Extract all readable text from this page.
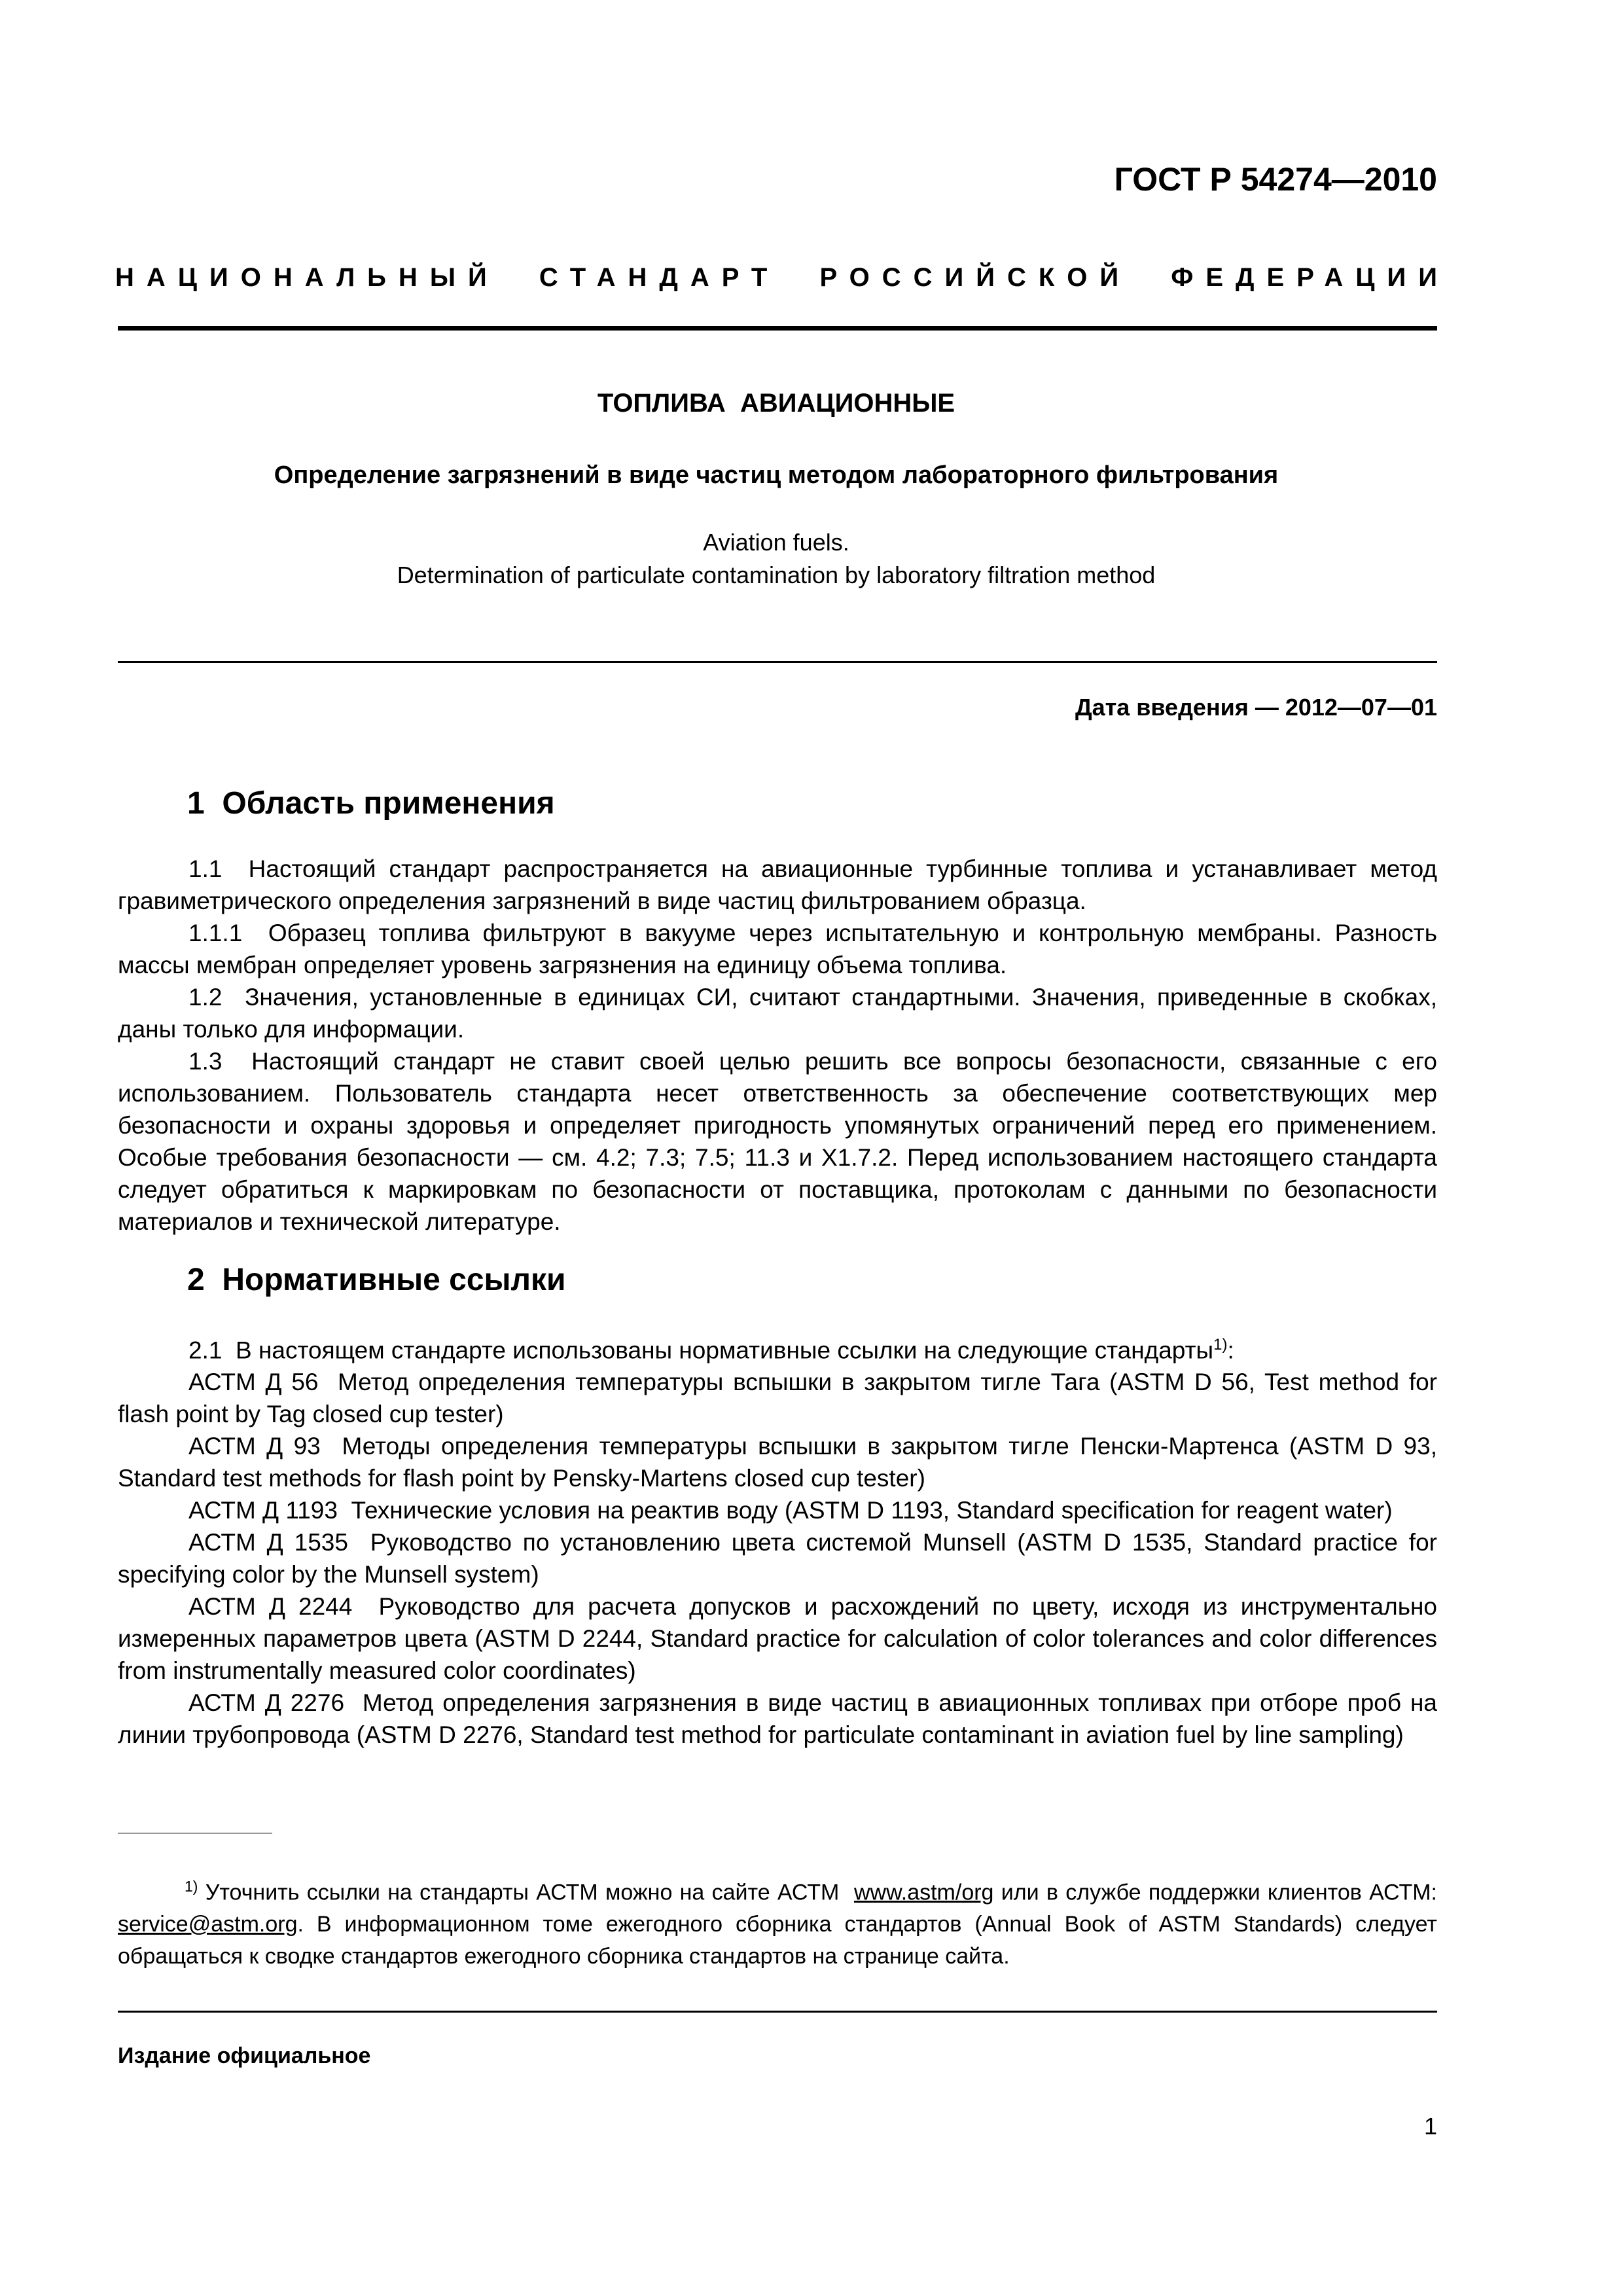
ГОСТ Р 54274—2010
НАЦИОНАЛЬНЫЙ СТАНДАРТ РОССИЙСКОЙ ФЕДЕРАЦИИ
ТОПЛИВА  АВИАЦИОННЫЕ
Определение загрязнений в виде частиц методом лабораторного фильтрования
Aviation fuels.
Determination of particulate contamination by laboratory filtration method
Дата введения — 2012—07—01
1  Область применения
1.1  Настоящий стандарт распространяется на авиационные турбинные топлива и устанавливает метод гравиметрического определения загрязнений в виде частиц фильтрованием образца.
1.1.1  Образец топлива фильтруют в вакууме через испытательную и контрольную мембраны. Разность массы мембран определяет уровень загрязнения на единицу объема топлива.
1.2  Значения, установленные в единицах СИ, считают стандартными. Значения, приведенные в скобках, даны только для информации.
1.3  Настоящий стандарт не ставит своей целью решить все вопросы безопасности, связанные с его использованием. Пользователь стандарта несет ответственность за обеспечение соответствующих мер безопасности и охраны здоровья и определяет пригодность упомянутых ограничений перед его применением. Особые требования безопасности — см. 4.2; 7.3; 7.5; 11.3 и X1.7.2. Перед использованием настоящего стандарта следует обратиться к маркировкам по безопасности от поставщика, протоколам с данными по безопасности материалов и технической литературе.
2  Нормативные ссылки
2.1  В настоящем стандарте использованы нормативные ссылки на следующие стандарты$^{1)}$:
АСТМ Д 56  Метод определения температуры вспышки в закрытом тигле Тага (ASTM D 56, Test method for flash point by Tag closed cup tester)
АСТМ Д 93  Методы определения температуры вспышки в закрытом тигле Пенски-Мартенса (ASTM D 93, Standard test methods for flash point by Pensky-Martens closed cup tester)
АСТМ Д 1193  Технические условия на реактив воду (ASTM D 1193, Standard specification for reagent water)
АСТМ Д 1535  Руководство по установлению цвета системой Munsell (ASTM D 1535, Standard practice for specifying color by the Munsell system)
АСТМ Д 2244  Руководство для расчета допусков и расхождений по цвету, исходя из инструментально измеренных параметров цвета (ASTM D 2244, Standard practice for calculation of color tolerances and color differences from instrumentally measured color coordinates)
АСТМ Д 2276  Метод определения загрязнения в виде частиц в авиационных топливах при отборе проб на линии трубопровода (ASTM D 2276, Standard test method for particulate contaminant in aviation fuel by line sampling)
$^{1)}$ Уточнить ссылки на стандарты АСТМ можно на сайте АСТМ  www.astm/org или в службе поддержки клиентов АСТМ: service@astm.org. В информационном томе ежегодного сборника стандартов (Annual Book of ASTM Standards) следует обращаться к сводке стандартов ежегодного сборника стандартов на странице сайта.
Издание официальное
1
